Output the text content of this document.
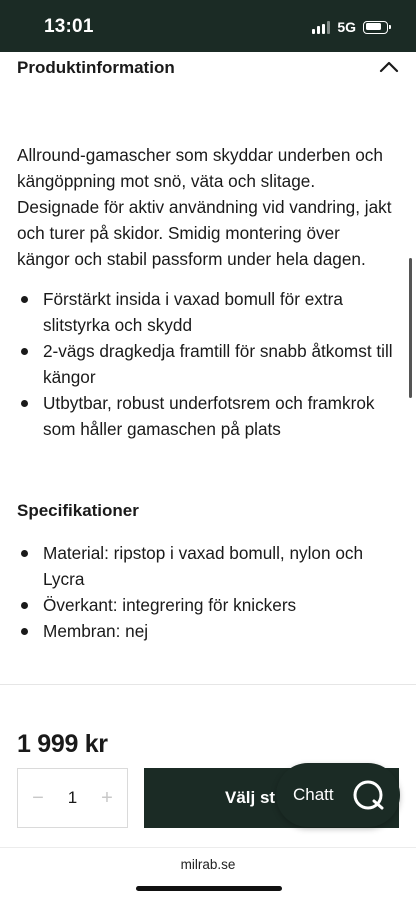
13:01	5G
Produktinformation

Allround-gamascher som skyddar underben och kängöppning mot snö, väta och slitage. Designade för aktiv användning vid vandring, jakt och turer på skidor. Smidig montering över kängor och stabil passform under hela dagen.

Förstärkt insida i vaxad bomull för extra slitstyrka och skydd
2-vägs dragkedja framtill för snabb åtkomst till kängor
Utbytbar, robust underfotsrem och framkrok som håller gamaschen på plats
Specifikationer
Material: ripstop i vaxad bomull, nylon och Lycra
Överkant: integrering för knickers
Membran: nej
1 999 kr
− 1 +	Välj st Chatt
milrab.se
